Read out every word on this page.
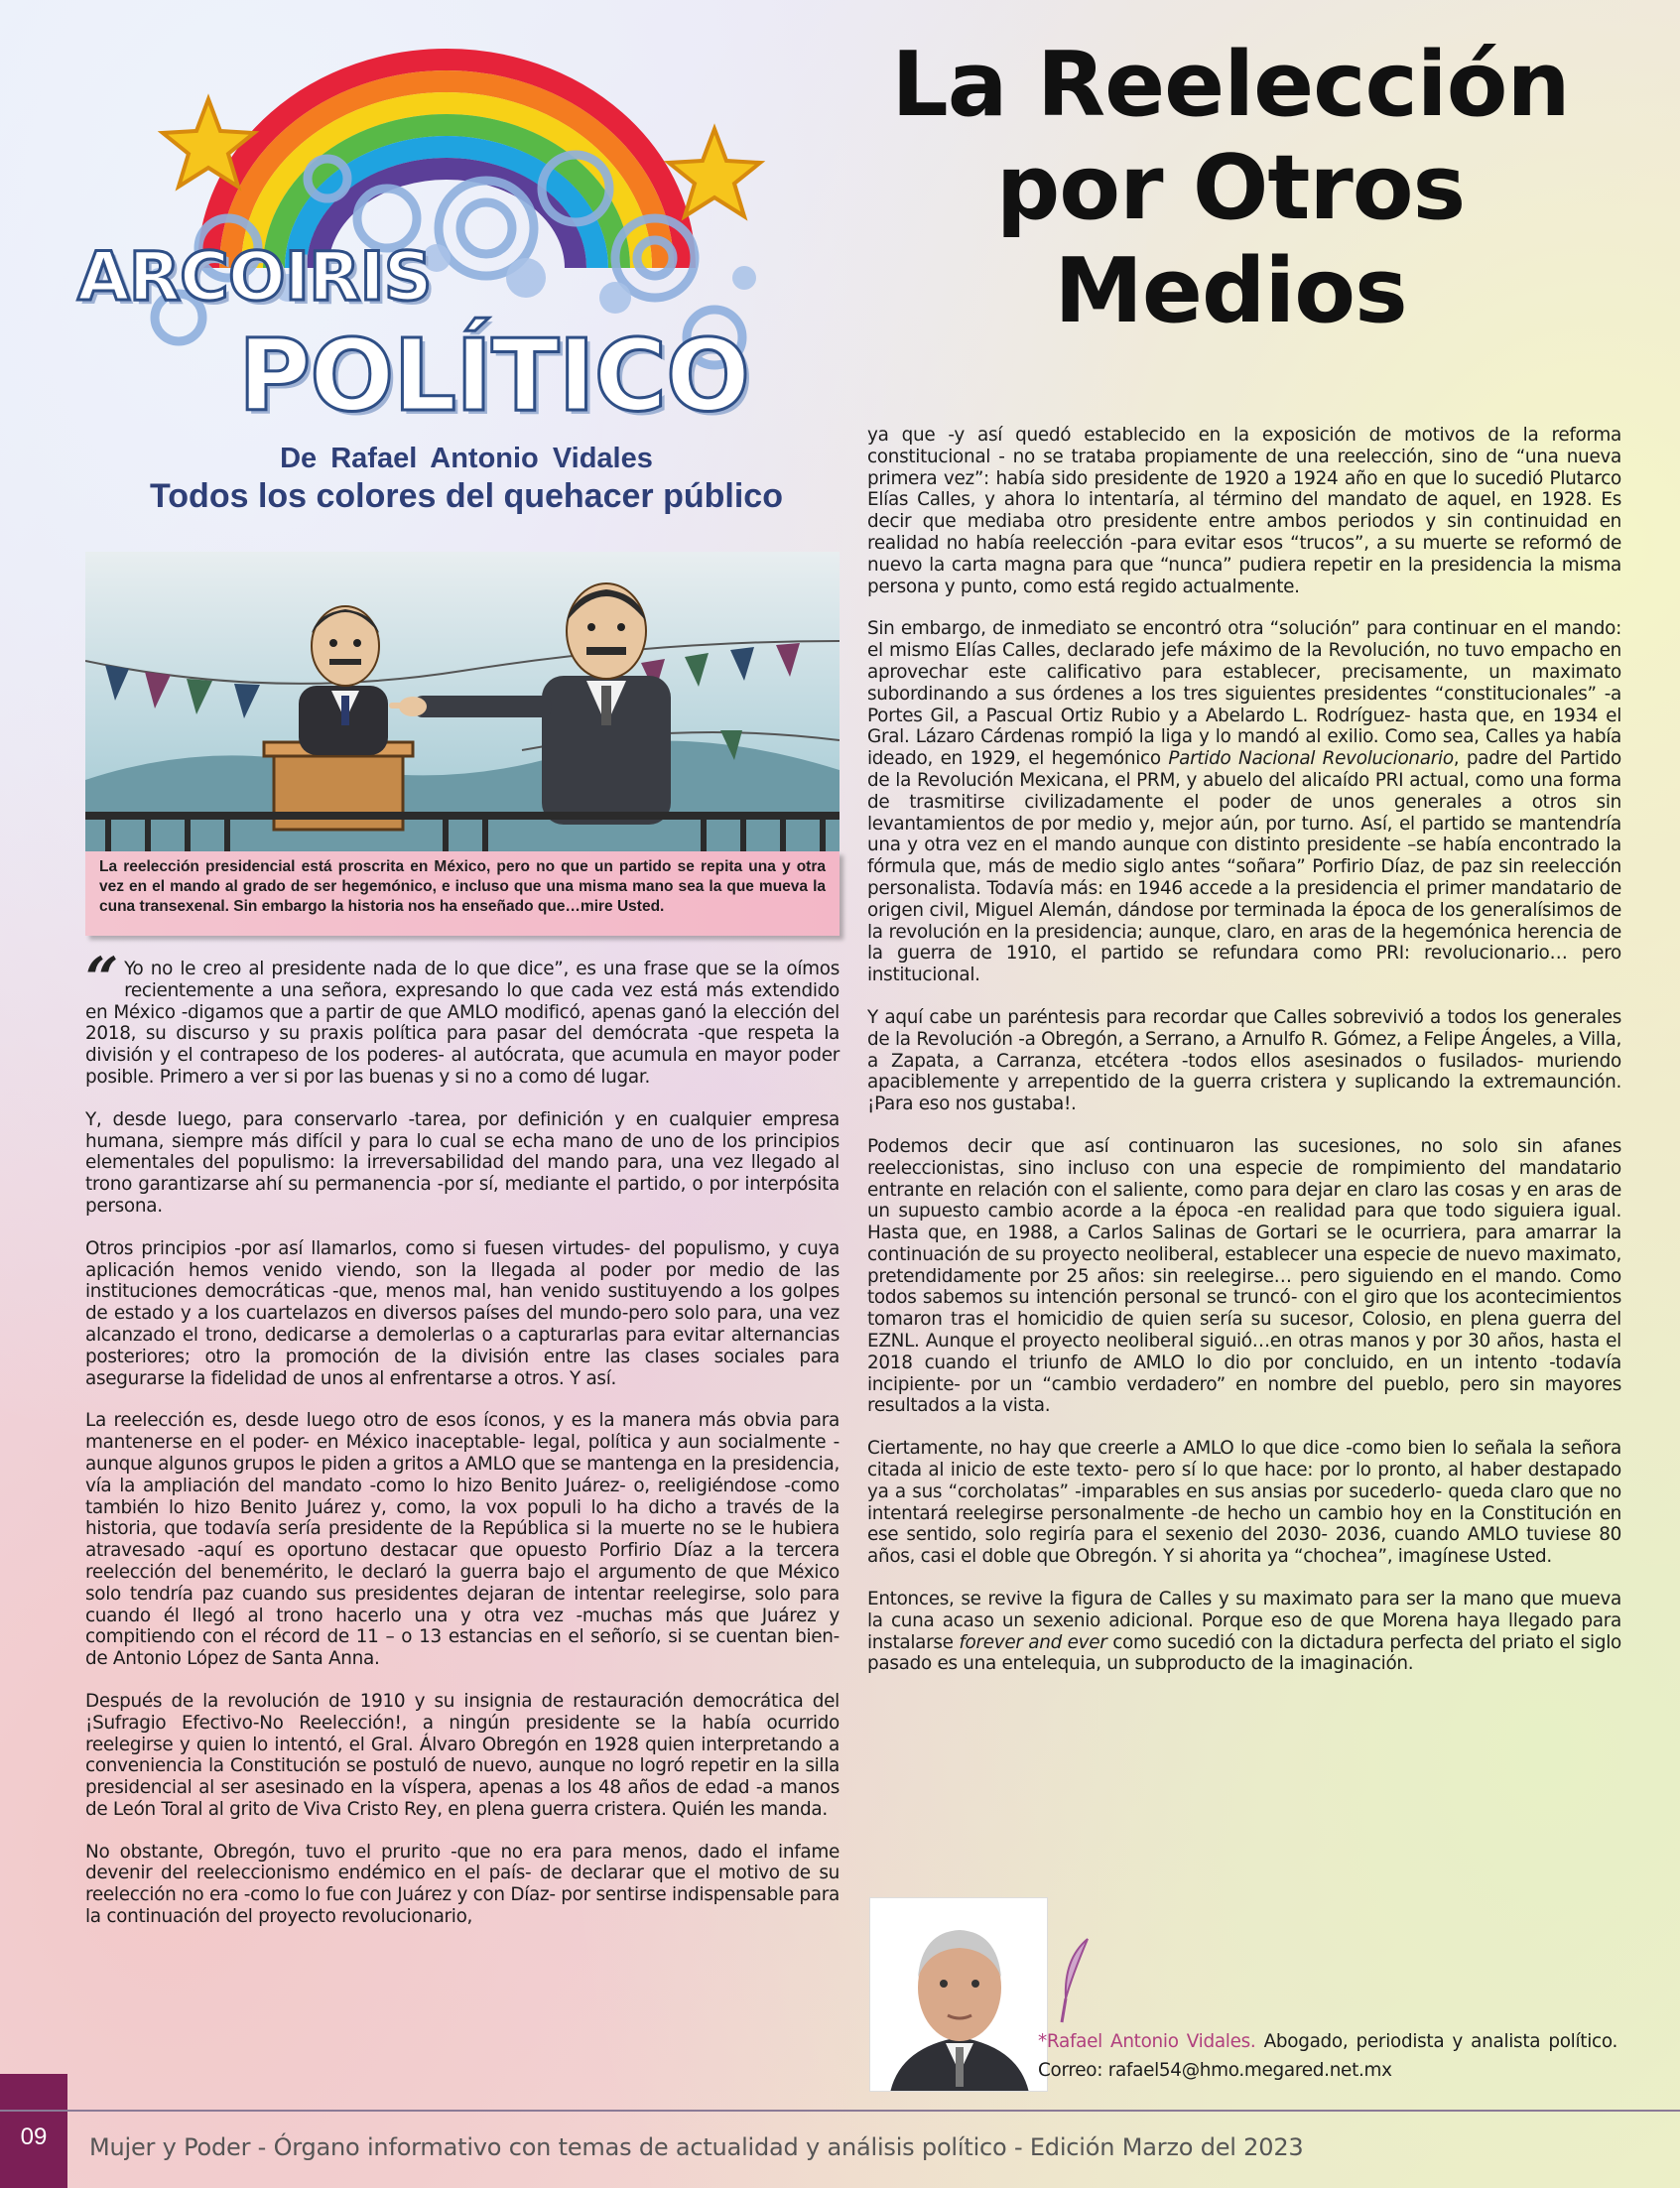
ARCOIRIS
POLÍTICO
De Rafael Antonio Vidales
Todos los colores del quehacer público
La Reelección
por Otros
Medios

La reelección presidencial está proscrita en México, pero no que un partido se repita una y otra vez en el mando al grado de ser hegemónico, e incluso que una misma mano sea la que mueva la cuna transexenal. Sin embargo la historia nos ha enseñado que…mire Usted.

“ Yo no le creo al presidente nada de lo que dice”, es una frase que se la oímos recientemente a una señora, expresando lo que cada vez está más extendido en México -digamos que a partir de que AMLO modificó, apenas ganó la elección del 2018, su discurso y su praxis política para pasar del demócrata -que respeta la división y el contrapeso de los poderes- al autócrata, que acumula en mayor poder posible. Primero a ver si por las buenas y si no a como dé lugar.

Y, desde luego, para conservarlo -tarea, por definición y en cualquier empresa humana, siempre más difícil y para lo cual se echa mano de uno de los principios elementales del populismo: la irreversabilidad del mando para, una vez llegado al trono garantizarse ahí su permanencia -por sí, mediante el partido, o por interpósita persona.

Otros principios -por así llamarlos, como si fuesen virtudes- del populismo, y cuya aplicación hemos venido viendo, son la llegada al poder por medio de las instituciones democráticas -que, menos mal, han venido sustituyendo a los golpes de estado y a los cuartelazos en diversos países del mundo-pero solo para, una vez alcanzado el trono, dedicarse a demolerlas o a capturarlas para evitar alternancias posteriores; otro la promoción de la división entre las clases sociales para asegurarse la fidelidad de unos al enfrentarse a otros. Y así.

La reelección es, desde luego otro de esos íconos, y es la manera más obvia para mantenerse en el poder- en México inaceptable- legal, política y aun socialmente -aunque algunos grupos le piden a gritos a AMLO que se mantenga en la presidencia, vía la ampliación del mandato -como lo hizo Benito Juárez- o, reeligiéndose -como también lo hizo Benito Juárez y, como, la vox populi lo ha dicho a través de la historia, que todavía sería presidente de la República si la muerte no se le hubiera atravesado -aquí es oportuno destacar que opuesto Porfirio Díaz a la tercera reelección del benemérito, le declaró la guerra bajo el argumento de que México solo tendría paz cuando sus presidentes dejaran de intentar reelegirse, solo para cuando él llegó al trono hacerlo una y otra vez -muchas más que Juárez y compitiendo con el récord de 11 – o 13 estancias en el señorío, si se cuentan bien- de Antonio López de Santa Anna.

Después de la revolución de 1910 y su insignia de restauración democrática del ¡Sufragio Efectivo-No Reelección!, a ningún presidente se la había ocurrido reelegirse y quien lo intentó, el Gral. Álvaro Obregón en 1928 quien interpretando a conveniencia la Constitución se postuló de nuevo, aunque no logró repetir en la silla presidencial al ser asesinado en la víspera, apenas a los 48 años de edad -a manos de León Toral al grito de Viva Cristo Rey, en plena guerra cristera. Quién les manda.

No obstante, Obregón, tuvo el prurito -que no era para menos, dado el infame devenir del reeleccionismo endémico en el país- de declarar que el motivo de su reelección no era -como lo fue con Juárez y con Díaz- por sentirse indispensable para la continuación del proyecto revolucionario,

ya que -y así quedó establecido en la exposición de motivos de la reforma constitucional - no se trataba propiamente de una reelección, sino de “una nueva primera vez”: había sido presidente de 1920 a 1924 año en que lo sucedió Plutarco Elías Calles, y ahora lo intentaría, al término del mandato de aquel, en 1928. Es decir que mediaba otro presidente entre ambos periodos y sin continuidad en realidad no había reelección -para evitar esos “trucos”, a su muerte se reformó de nuevo la carta magna para que “nunca” pudiera repetir en la presidencia la misma persona y punto, como está regido actualmente.

Sin embargo, de inmediato se encontró otra “solución” para continuar en el mando: el mismo Elías Calles, declarado jefe máximo de la Revolución, no tuvo empacho en aprovechar este calificativo para establecer, precisamente, un maximato subordinando a sus órdenes a los tres siguientes presidentes “constitucionales” -a Portes Gil, a Pascual Ortiz Rubio y a Abelardo L. Rodríguez- hasta que, en 1934 el Gral. Lázaro Cárdenas rompió la liga y lo mandó al exilio. Como sea, Calles ya había ideado, en 1929, el hegemónico Partido Nacional Revolucionario, padre del Partido de la Revolución Mexicana, el PRM, y abuelo del alicaído PRI actual, como una forma de trasmitirse civilizadamente el poder de unos generales a otros sin levantamientos de por medio y, mejor aún, por turno. Así, el partido se mantendría una y otra vez en el mando aunque con distinto presidente –se había encontrado la fórmula que, más de medio siglo antes “soñara” Porfirio Díaz, de paz sin reelección personalista. Todavía más: en 1946 accede a la presidencia el primer mandatario de origen civil, Miguel Alemán, dándose por terminada la época de los generalísimos de la revolución en la presidencia; aunque, claro, en aras de la hegemónica herencia de la guerra de 1910, el partido se refundara como PRI: revolucionario… pero institucional.

Y aquí cabe un paréntesis para recordar que Calles sobrevivió a todos los generales de la Revolución -a Obregón, a Serrano, a Arnulfo R. Gómez, a Felipe Ángeles, a Villa, a Zapata, a Carranza, etcétera -todos ellos asesinados o fusilados- muriendo apaciblemente y arrepentido de la guerra cristera y suplicando la extremaunción. ¡Para eso nos gustaba!.

Podemos decir que así continuaron las sucesiones, no solo sin afanes reeleccionistas, sino incluso con una especie de rompimiento del mandatario entrante en relación con el saliente, como para dejar en claro las cosas y en aras de un supuesto cambio acorde a la época -en realidad para que todo siguiera igual. Hasta que, en 1988, a Carlos Salinas de Gortari se le ocurriera, para amarrar la continuación de su proyecto neoliberal, establecer una especie de nuevo maximato, pretendidamente por 25 años: sin reelegirse… pero siguiendo en el mando. Como todos sabemos su intención personal se truncó- con el giro que los acontecimientos tomaron tras el homicidio de quien sería su sucesor, Colosio, en plena guerra del EZNL. Aunque el proyecto neoliberal siguió…en otras manos y por 30 años, hasta el 2018 cuando el triunfo de AMLO lo dio por concluido, en un intento -todavía incipiente- por un “cambio verdadero” en nombre del pueblo, pero sin mayores resultados a la vista.

Ciertamente, no hay que creerle a AMLO lo que dice -como bien lo señala la señora citada al inicio de este texto- pero sí lo que hace: por lo pronto, al haber destapado ya a sus “corcholatas” -imparables en sus ansias por sucederlo- queda claro que no intentará reelegirse personalmente -de hecho un cambio hoy en la Constitución en ese sentido, solo regiría para el sexenio del 2030- 2036, cuando AMLO tuviese 80 años, casi el doble que Obregón. Y si ahorita ya “chochea”, imagínese Usted.

Entonces, se revive la figura de Calles y su maximato para ser la mano que mueva la cuna acaso un sexenio adicional. Porque eso de que Morena haya llegado para instalarse forever and ever como sucedió con la dictadura perfecta del priato el siglo pasado es una entelequia, un subproducto de la imaginación.

*Rafael Antonio Vidales. Abogado, periodista y analista político. Correo: rafael54@hmo.megared.net.mx
09	Mujer y Poder - Órgano informativo con temas de actualidad y análisis político - Edición Marzo del 2023
